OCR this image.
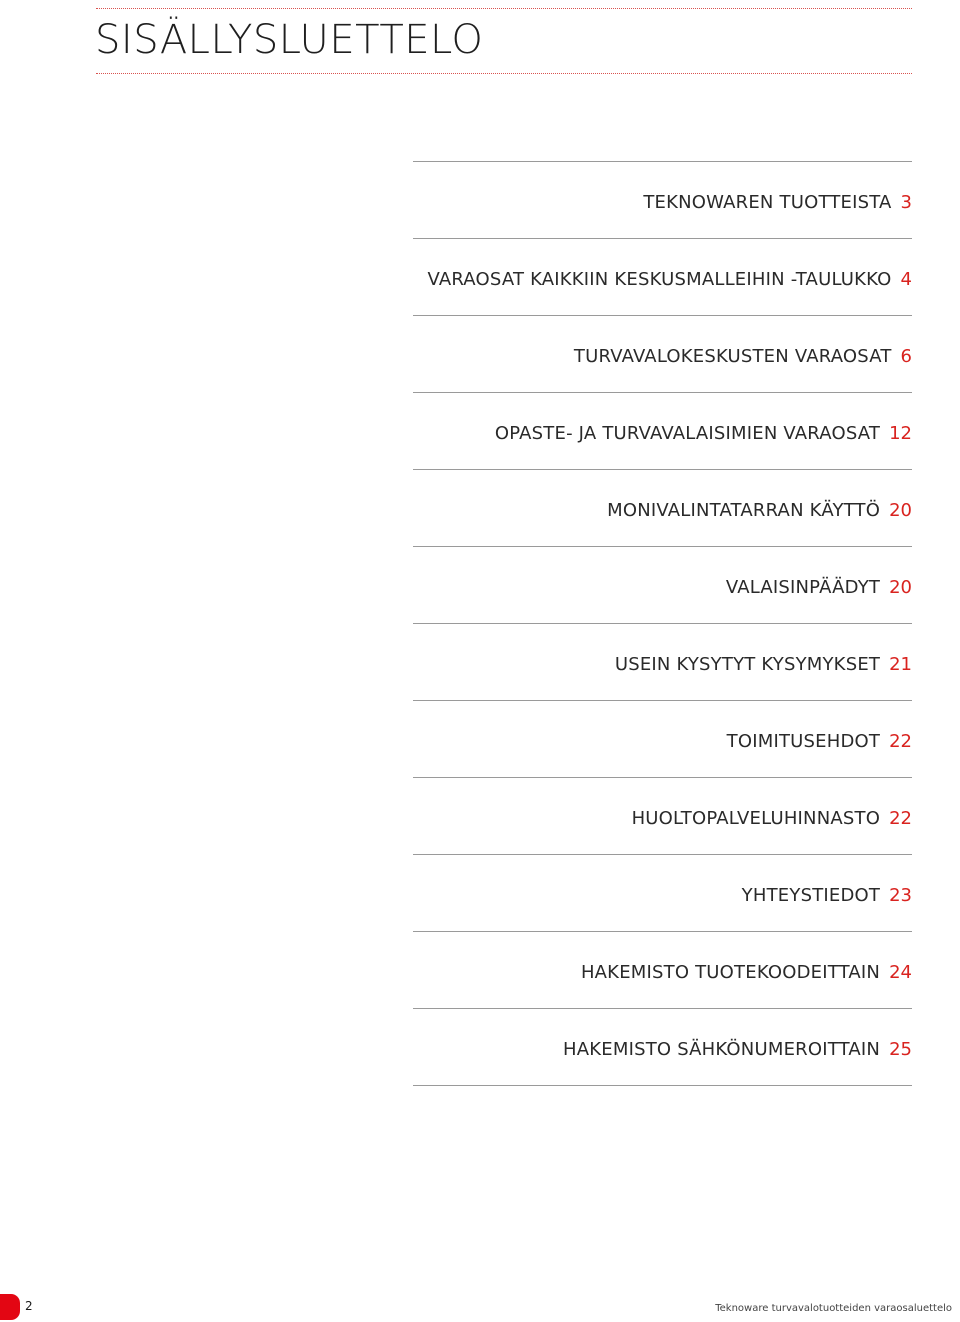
SISÄLLYSLUETTELO
TEKNOWAREN TUOTTEISTA 3
VARAOSAT KAIKKIIN KESKUSMALLEIHIN -TAULUKKO 4
TURVAVALOKESKUSTEN VARAOSAT 6
OPASTE- JA TURVAVALAISIMIEN VARAOSAT 12
MONIVALINTATARRAN KÄYTTÖ 20
VALAISINPÄÄDYT 20
USEIN KYSYTYT KYSYMYKSET 21
TOIMITUSEHDOT 22
HUOLTOPALVELUHINNASTO 22
YHTEYSTIEDOT 23
HAKEMISTO TUOTEKOODEITTAIN 24
HAKEMISTO SÄHKÖNUMEROITTAIN 25
2	Teknoware turvavalotuotteiden varaosaluettelo
